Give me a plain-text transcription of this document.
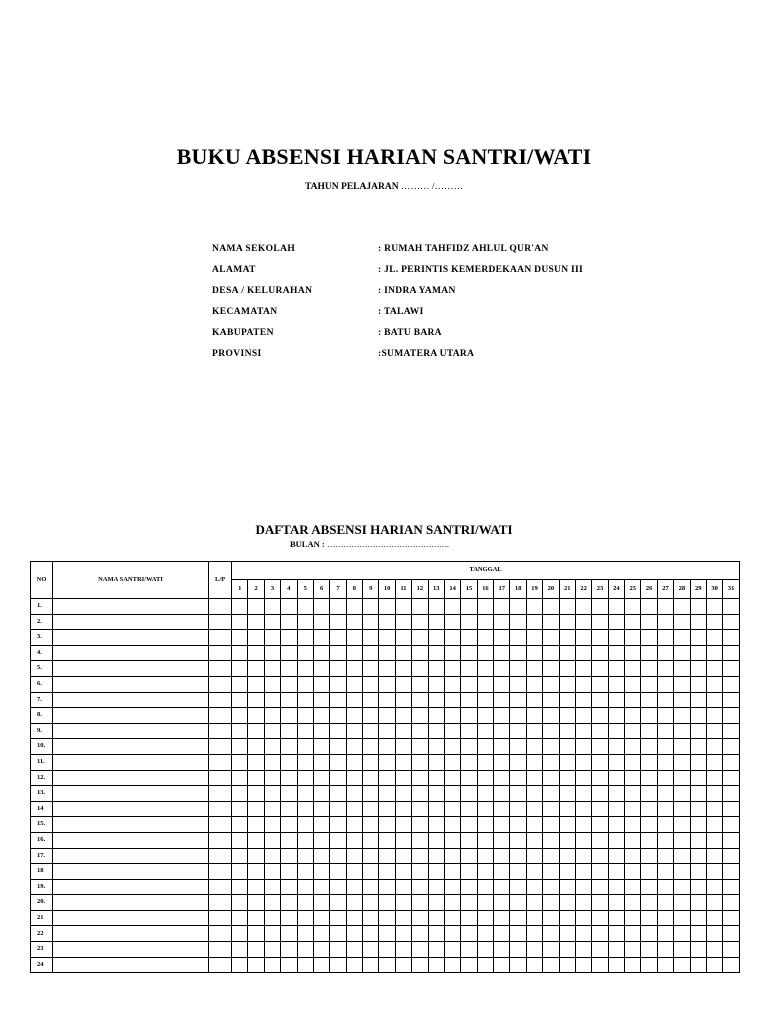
BUKU ABSENSI HARIAN SANTRI/WATI
TAHUN PELAJARAN ……… /………
NAMA SEKOLAH	: RUMAH TAHFIDZ AHLUL QUR'AN
ALAMAT	: JL. PERINTIS KEMERDEKAAN DUSUN III
DESA / KELURAHAN	: INDRA YAMAN
KECAMATAN	: TALAWI
KABUPATEN	: BATU BARA
PROVINSI	:SUMATERA UTARA
DAFTAR ABSENSI HARIAN SANTRI/WATI
BULAN : ……………………………………….
NO	NAMA SANTRI/WATI	L/P	TANGGAL																														
			1	2	3	4	5	6	7	8	9	10	11	12	13	14	15	16	17	18	19	20	21	22	23	24	25	26	27	28	29	30	31
1.																																	
2.																																	
3.																																	
4.																																	
5.																																	
6.																																	
7.																																	
8.																																	
9.																																	
10.																																	
11.																																	
12.																																	
13.																																	
14																																	
15.																																	
16.																																	
17.																																	
18																																	
19.																																	
20.																																	
21																																	
22																																	
23																																	
24																																	
